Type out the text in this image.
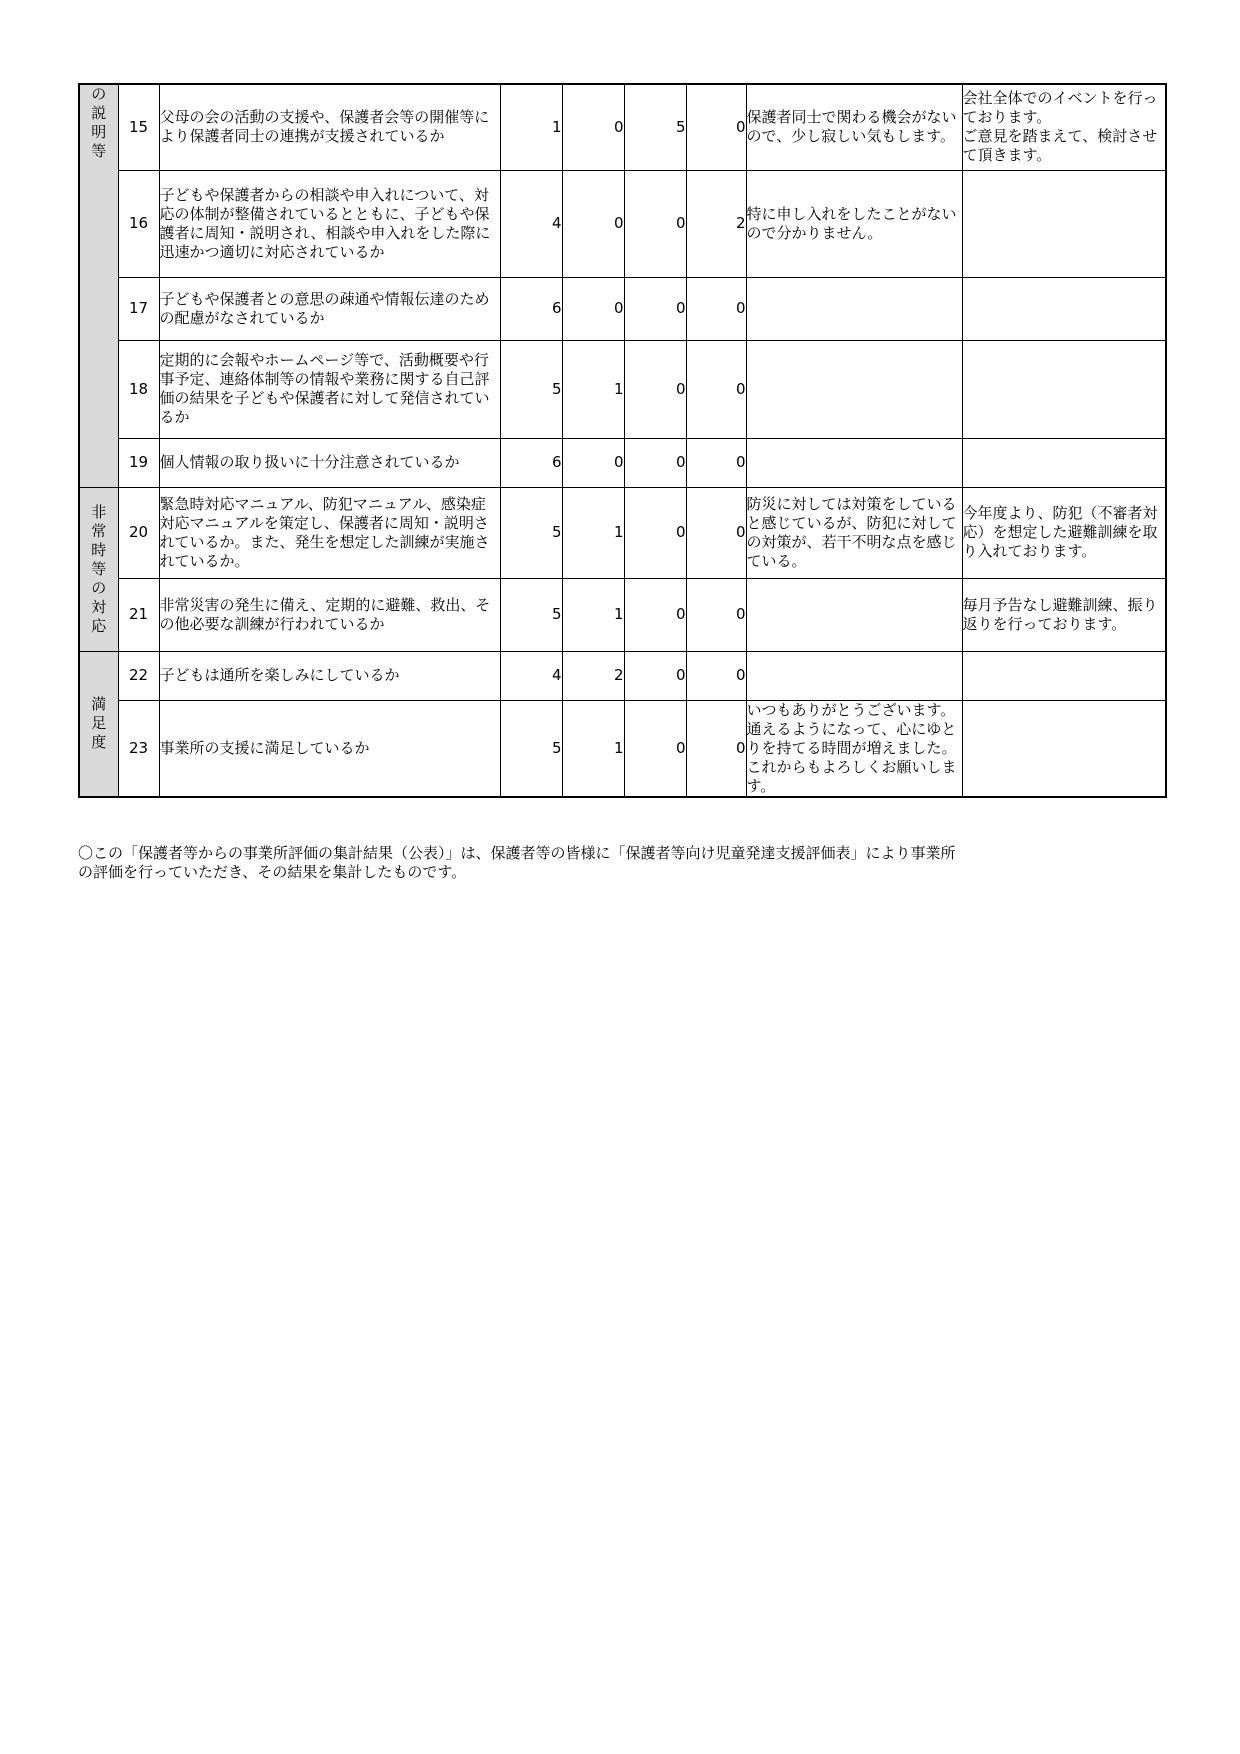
の説明等	15	父母の会の活動の支援や、保護者会等の開催等により保護者同士の連携が支援されているか	1	0	5	0	保護者同士で関わる機会がないので、少し寂しい気もします。	会社全体でのイベントを行っております。
ご意見を踏まえて、検討させて頂きます。
	16	子どもや保護者からの相談や申入れについて、対応の体制が整備されているとともに、子どもや保護者に周知・説明され、相談や申入れをした際に迅速かつ適切に対応されているか	4	0	0	2	特に申し入れをしたことがないので分かりません。	
	17	子どもや保護者との意思の疎通や情報伝達のための配慮がなされているか	6	0	0	0		
	18	定期的に会報やホームページ等で、活動概要や行事予定、連絡体制等の情報や業務に関する自己評価の結果を子どもや保護者に対して発信されているか	5	1	0	0		
	19	個人情報の取り扱いに十分注意されているか	6	0	0	0		

非常時等の対応	20	緊急時対応マニュアル、防犯マニュアル、感染症対応マニュアルを策定し、保護者に周知・説明されているか。また、発生を想定した訓練が実施されているか。	5	1	0	0	防災に対しては対策をしていると感じているが、防犯に対しての対策が、若干不明な点を感じている。	今年度より、防犯（不審者対応）を想定した避難訓練を取り入れております。
	21	非常災害の発生に備え、定期的に避難、救出、その他必要な訓練が行われているか	5	1	0	0		毎月予告なし避難訓練、振り返りを行っております。

満足度	22	子どもは通所を楽しみにしているか	4	2	0	0		
	23	事業所の支援に満足しているか	5	1	0	0	いつもありがとうございます。通えるようになって、心にゆとりを持てる時間が増えました。これからもよろしくお願いします。	
〇この「保護者等からの事業所評価の集計結果（公表）」は、保護者等の皆様に「保護者等向け児童発達支援評価表」により事業所の評価を行っていただき、その結果を集計したものです。
